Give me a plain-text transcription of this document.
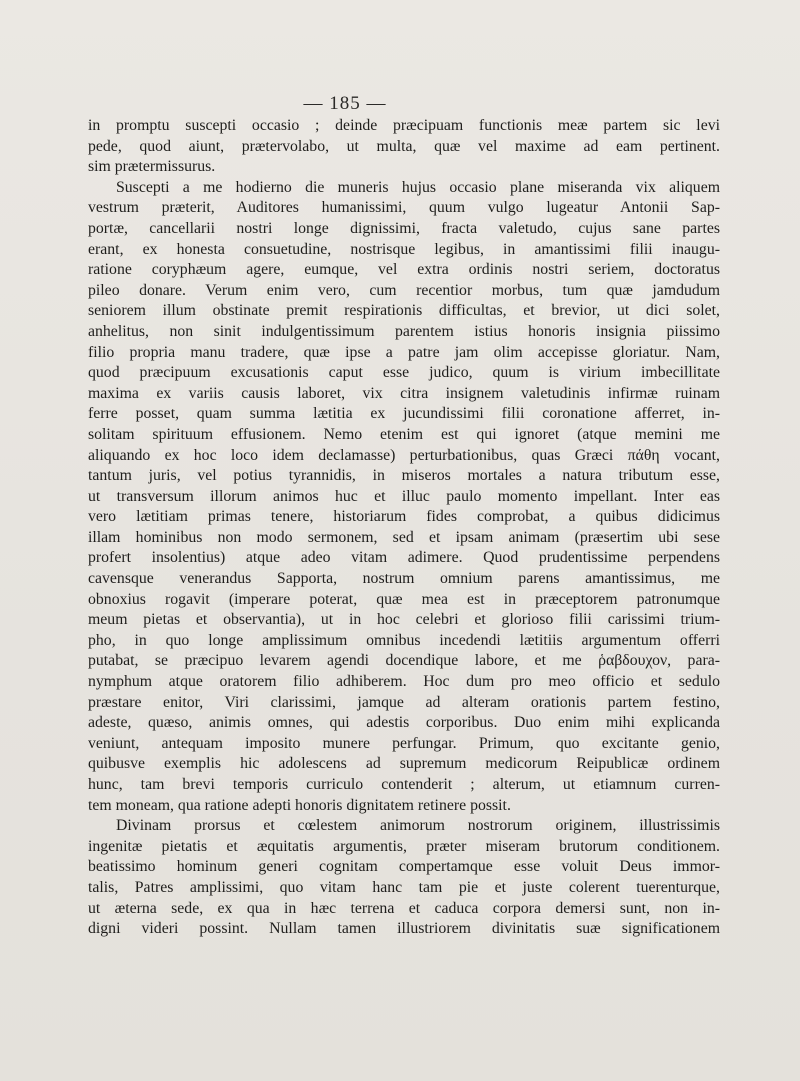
— 185 —
in promptu suscepti occasio ; deinde præcipuam functionis meæ partem sic levi
pede, quod aiunt, prætervolabo, ut multa, quæ vel maxime ad eam pertinent.
sim prætermissurus.
Suscepti a me hodierno die muneris hujus occasio plane miseranda vix aliquem
vestrum præterit, Auditores humanissimi, quum vulgo lugeatur Antonii Sap-
portæ, cancellarii nostri longe dignissimi, fracta valetudo, cujus sane partes
erant, ex honesta consuetudine, nostrisque legibus, in amantissimi filii inaugu-
ratione coryphæum agere, eumque, vel extra ordinis nostri seriem, doctoratus
pileo donare. Verum enim vero, cum recentior morbus, tum quæ jamdudum
seniorem illum obstinate premit respirationis difficultas, et brevior, ut dici solet,
anhelitus, non sinit indulgentissimum parentem istius honoris insignia piissimo
filio propria manu tradere, quæ ipse a patre jam olim accepisse gloriatur. Nam,
quod præcipuum excusationis caput esse judico, quum is virium imbecillitate
maxima ex variis causis laboret, vix citra insignem valetudinis infirmæ ruinam
ferre posset, quam summa lætitia ex jucundissimi filii coronatione afferret, in-
solitam spirituum effusionem. Nemo etenim est qui ignoret (atque memini me
aliquando ex hoc loco idem declamasse) perturbationibus, quas Græci πάθη vocant,
tantum juris, vel potius tyrannidis, in miseros mortales a natura tributum esse,
ut transversum illorum animos huc et illuc paulo momento impellant. Inter eas
vero lætitiam primas tenere, historiarum fides comprobat, a quibus didicimus
illam hominibus non modo sermonem, sed et ipsam animam (præsertim ubi sese
profert insolentius) atque adeo vitam adimere. Quod prudentissime perpendens
cavensque venerandus Sapporta, nostrum omnium parens amantissimus, me
obnoxius rogavit (imperare poterat, quæ mea est in præceptorem patronumque
meum pietas et observantia), ut in hoc celebri et glorioso filii carissimi trium-
pho, in quo longe amplissimum omnibus incedendi lætitiis argumentum offerri
putabat, se præcipuo levarem agendi docendique labore, et me ῥαβδουχον, para-
nymphum atque oratorem filio adhiberem. Hoc dum pro meo officio et sedulo
præstare enitor, Viri clarissimi, jamque ad alteram orationis partem festino,
adeste, quæso, animis omnes, qui adestis corporibus. Duo enim mihi explicanda
veniunt, antequam imposito munere perfungar. Primum, quo excitante genio,
quibusve exemplis hic adolescens ad supremum medicorum Reipublicæ ordinem
hunc, tam brevi temporis curriculo contenderit ; alterum, ut etiamnum curren-
tem moneam, qua ratione adepti honoris dignitatem retinere possit.
Divinam prorsus et cœlestem animorum nostrorum originem, illustrissimis
ingenitæ pietatis et æquitatis argumentis, præter miseram brutorum conditionem.
beatissimo hominum generi cognitam compertamque esse voluit Deus immor-
talis, Patres amplissimi, quo vitam hanc tam pie et juste colerent tuerenturque,
ut æterna sede, ex qua in hæc terrena et caduca corpora demersi sunt, non in-
digni videri possint. Nullam tamen illustriorem divinitatis suæ significationem
